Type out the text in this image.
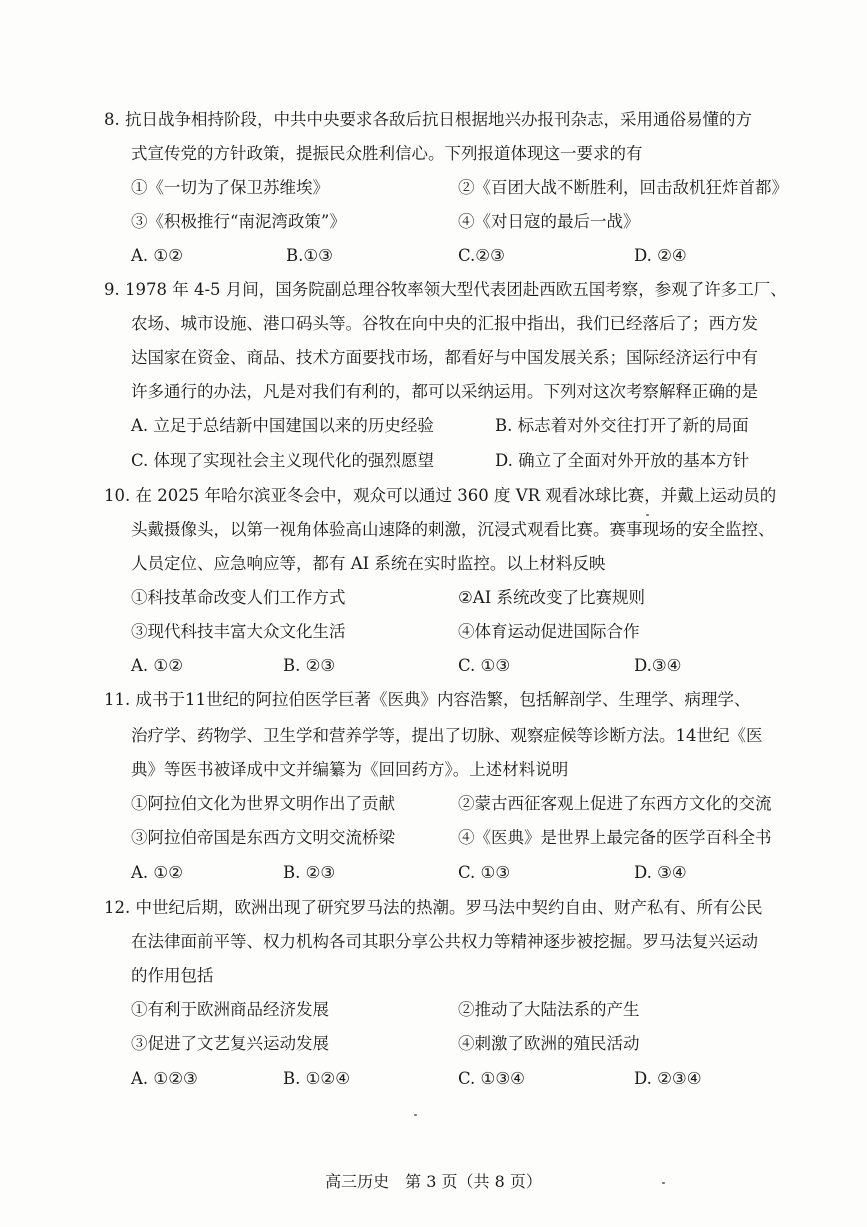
8. 抗日战争相持阶段，中共中央要求各敌后抗日根据地兴办报刊杂志，采用通俗易懂的方
式宣传党的方针政策，提振民众胜利信心。下列报道体现这一要求的有
①《一切为了保卫苏维埃》	②《百团大战不断胜利，回击敌机狂炸首都》
③《积极推行“南泥湾政策”》	④《对日寇的最后一战》
A. ①②	B.①③	C.②③	D. ②④
9. 1978 年 4-5 月间，国务院副总理谷牧率领大型代表团赴西欧五国考察，参观了许多工厂、
农场、城市设施、港口码头等。谷牧在向中央的汇报中指出，我们已经落后了；西方发
达国家在资金、商品、技术方面要找市场，都看好与中国发展关系；国际经济运行中有
许多通行的办法，凡是对我们有利的，都可以采纳运用。下列对这次考察解释正确的是
A. 立足于总结新中国建国以来的历史经验	B. 标志着对外交往打开了新的局面
C. 体现了实现社会主义现代化的强烈愿望	D. 确立了全面对外开放的基本方针
10. 在 2025 年哈尔滨亚冬会中，观众可以通过 360 度 VR 观看冰球比赛，并戴上运动员的
头戴摄像头，以第一视角体验高山速降的刺激，沉浸式观看比赛。赛事现场的安全监控、
人员定位、应急响应等，都有 AI 系统在实时监控。以上材料反映
①科技革命改变人们工作方式	②AI 系统改变了比赛规则
③现代科技丰富大众文化生活	④体育运动促进国际合作
A. ①②	B. ②③	C. ①③	D.③④
11. 成书于11世纪的阿拉伯医学巨著《医典》内容浩繁，包括解剖学、生理学、病理学、
治疗学、药物学、卫生学和营养学等，提出了切脉、观察症候等诊断方法。14世纪《医
典》等医书被译成中文并编纂为《回回药方》。上述材料说明
①阿拉伯文化为世界文明作出了贡献	②蒙古西征客观上促进了东西方文化的交流
③阿拉伯帝国是东西方文明交流桥梁	④《医典》是世界上最完备的医学百科全书
A. ①②	B. ②③	C. ①③	D. ③④
12. 中世纪后期，欧洲出现了研究罗马法的热潮。罗马法中契约自由、财产私有、所有公民
在法律面前平等、权力机构各司其职分享公共权力等精神逐步被挖掘。罗马法复兴运动
的作用包括
①有利于欧洲商品经济发展	②推动了大陆法系的产生
③促进了文艺复兴运动发展	④刺激了欧洲的殖民活动
A. ①②③	B. ①②④	C. ①③④	D. ②③④
高三历史　第 3 页（共 8 页）
